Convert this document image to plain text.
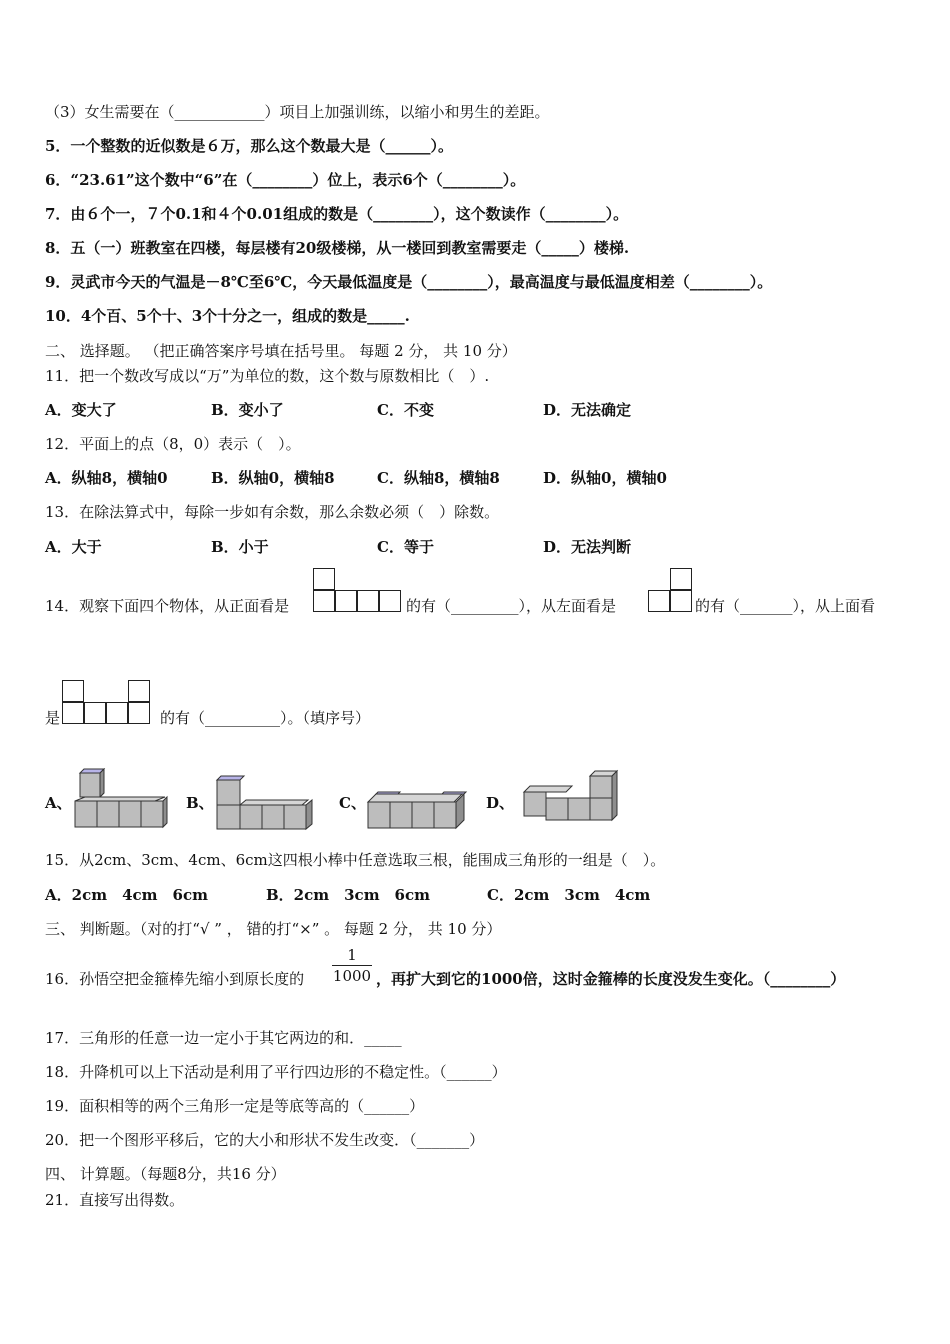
（3）女生需要在（____________）项目上加强训练，以缩小和男生的差距。
5．一个整数的近似数是６万，那么这个数最大是（______）。
6．“23.61”这个数中“6”在（________）位上，表示6个（________）。
7．由６个一，７个0.1和４个0.01组成的数是（________），这个数读作（________）。
8．五（一）班教室在四楼，每层楼有20级楼梯，从一楼回到教室需要走（_____）楼梯.
9．灵武市今天的气温是－8℃至6℃，今天最低温度是（________），最高温度与最低温度相差（________）。
10．4个百、5个十、3个十分之一，组成的数是_____.
二、 选择题。 （把正确答案序号填在括号里。 每题 2 分， 共 10 分）
11．把一个数改写成以“万”为单位的数，这个数与原数相比（　）.
A．变大了	B．变小了	C．不变	D．无法确定
12．平面上的点（8，0）表示（　）。
A．纵轴8，横轴0	B．纵轴0，横轴8	C．纵轴8，横轴8	D．纵轴0，横轴0
13．在除法算式中，每除一步如有余数，那么余数必须（　）除数。
A．大于	B．小于	C．等于	D．无法判断
14．观察下面四个物体，从正面看是	的有（_________），从左面看是	的有（_______），从上面看
是	的有（__________）。（填序号）
A、	B、	C、	D、
15．从2cm、3cm、4cm、6cm这四根小棒中任意选取三根，能围成三角形的一组是（　）。
A．2cm　4cm　6cm	B．2cm　3cm　6cm	C．2cm　3cm　4cm
三、 判断题。（对的打“√ ” ， 错的打“×” 。 每题 2 分， 共 10 分）
16．孙悟空把金箍棒先缩小到原长度的
1
1000 ，再扩大到它的1000倍，这时金箍棒的长度没发生变化。（________）
17．三角形的任意一边一定小于其它两边的和．_____
18．升降机可以上下活动是利用了平行四边形的不稳定性。（______）
19．面积相等的两个三角形一定是等底等高的（______）
20．把一个图形平移后，它的大小和形状不发生改变．（_______）
四、 计算题。（每题8分，共16 分）
21．直接写出得数。
